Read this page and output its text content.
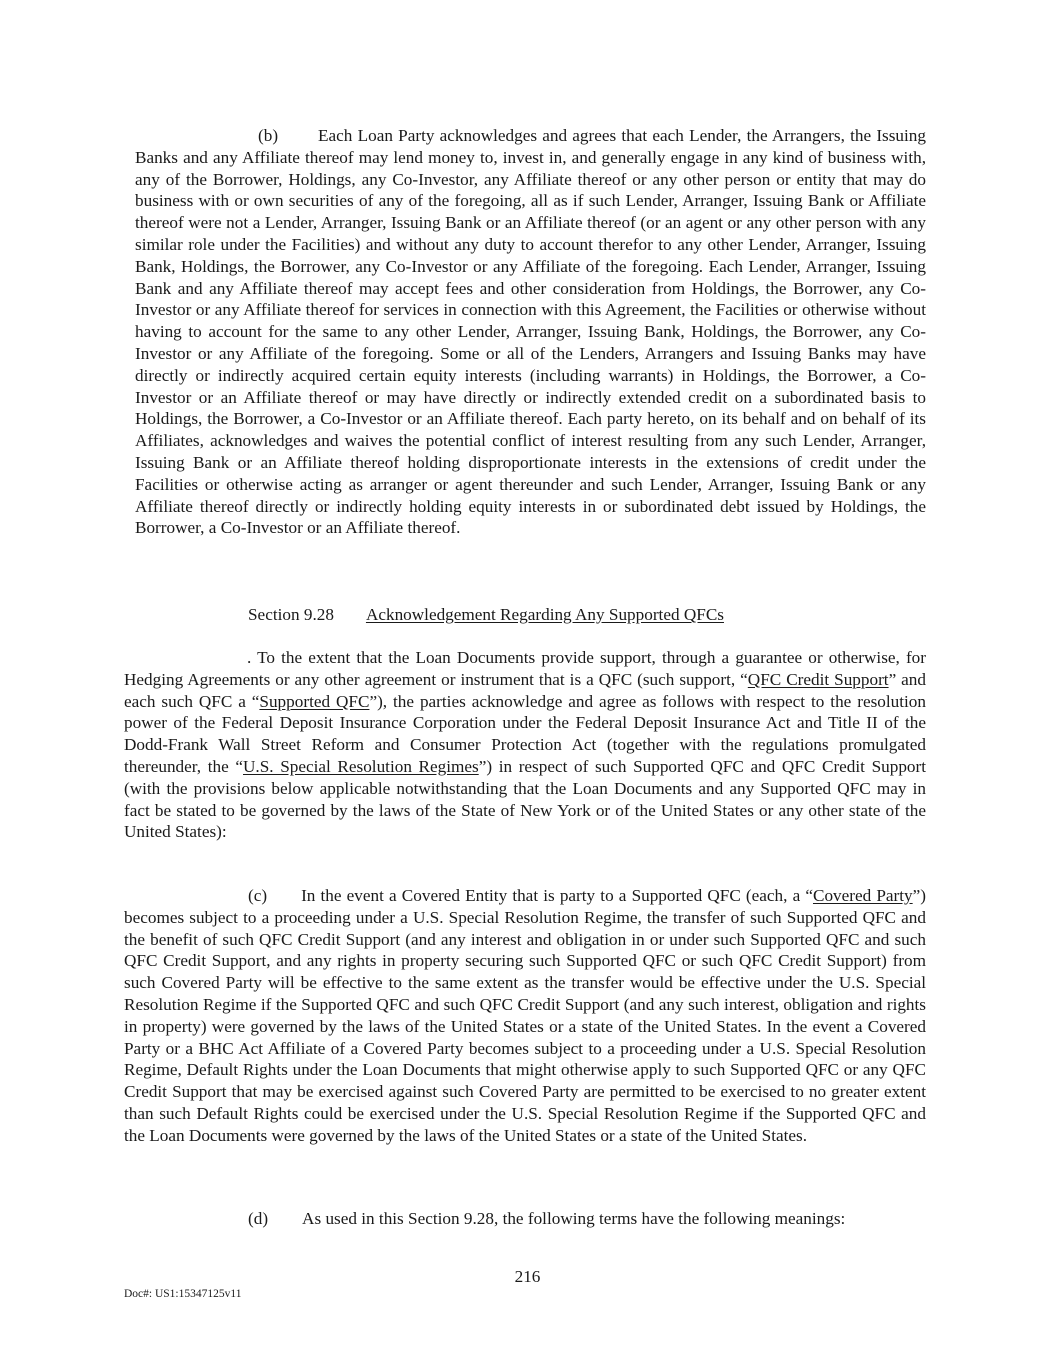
(b) Each Loan Party acknowledges and agrees that each Lender, the Arrangers, the Issuing Banks and any Affiliate thereof may lend money to, invest in, and generally engage in any kind of business with, any of the Borrower, Holdings, any Co-Investor, any Affiliate thereof or any other person or entity that may do business with or own securities of any of the foregoing, all as if such Lender, Arranger, Issuing Bank or Affiliate thereof were not a Lender, Arranger, Issuing Bank or an Affiliate thereof (or an agent or any other person with any similar role under the Facilities) and without any duty to account therefor to any other Lender, Arranger, Issuing Bank, Holdings, the Borrower, any Co-Investor or any Affiliate of the foregoing. Each Lender, Arranger, Issuing Bank and any Affiliate thereof may accept fees and other consideration from Holdings, the Borrower, any Co-Investor or any Affiliate thereof for services in connection with this Agreement, the Facilities or otherwise without having to account for the same to any other Lender, Arranger, Issuing Bank, Holdings, the Borrower, any Co-Investor or any Affiliate of the foregoing. Some or all of the Lenders, Arrangers and Issuing Banks may have directly or indirectly acquired certain equity interests (including warrants) in Holdings, the Borrower, a Co-Investor or an Affiliate thereof or may have directly or indirectly extended credit on a subordinated basis to Holdings, the Borrower, a Co-Investor or an Affiliate thereof. Each party hereto, on its behalf and on behalf of its Affiliates, acknowledges and waives the potential conflict of interest resulting from any such Lender, Arranger, Issuing Bank or an Affiliate thereof holding disproportionate interests in the extensions of credit under the Facilities or otherwise acting as arranger or agent thereunder and such Lender, Arranger, Issuing Bank or any Affiliate thereof directly or indirectly holding equity interests in or subordinated debt issued by Holdings, the Borrower, a Co-Investor or an Affiliate thereof.

Section 9.28 Acknowledgement Regarding Any Supported QFCs

. To the extent that the Loan Documents provide support, through a guarantee or otherwise, for Hedging Agreements or any other agreement or instrument that is a QFC (such support, “QFC Credit Support” and each such QFC a “Supported QFC”), the parties acknowledge and agree as follows with respect to the resolution power of the Federal Deposit Insurance Corporation under the Federal Deposit Insurance Act and Title II of the Dodd-Frank Wall Street Reform and Consumer Protection Act (together with the regulations promulgated thereunder, the “U.S. Special Resolution Regimes”) in respect of such Supported QFC and QFC Credit Support (with the provisions below applicable notwithstanding that the Loan Documents and any Supported QFC may in fact be stated to be governed by the laws of the State of New York or of the United States or any other state of the United States):

(c) In the event a Covered Entity that is party to a Supported QFC (each, a “Covered Party”) becomes subject to a proceeding under a U.S. Special Resolution Regime, the transfer of such Supported QFC and the benefit of such QFC Credit Support (and any interest and obligation in or under such Supported QFC and such QFC Credit Support, and any rights in property securing such Supported QFC or such QFC Credit Support) from such Covered Party will be effective to the same extent as the transfer would be effective under the U.S. Special Resolution Regime if the Supported QFC and such QFC Credit Support (and any such interest, obligation and rights in property) were governed by the laws of the United States or a state of the United States. In the event a Covered Party or a BHC Act Affiliate of a Covered Party becomes subject to a proceeding under a U.S. Special Resolution Regime, Default Rights under the Loan Documents that might otherwise apply to such Supported QFC or any QFC Credit Support that may be exercised against such Covered Party are permitted to be exercised to no greater extent than such Default Rights could be exercised under the U.S. Special Resolution Regime if the Supported QFC and the Loan Documents were governed by the laws of the United States or a state of the United States.

(d) As used in this Section 9.28, the following terms have the following meanings:
216
Doc#: US1:15347125v11
